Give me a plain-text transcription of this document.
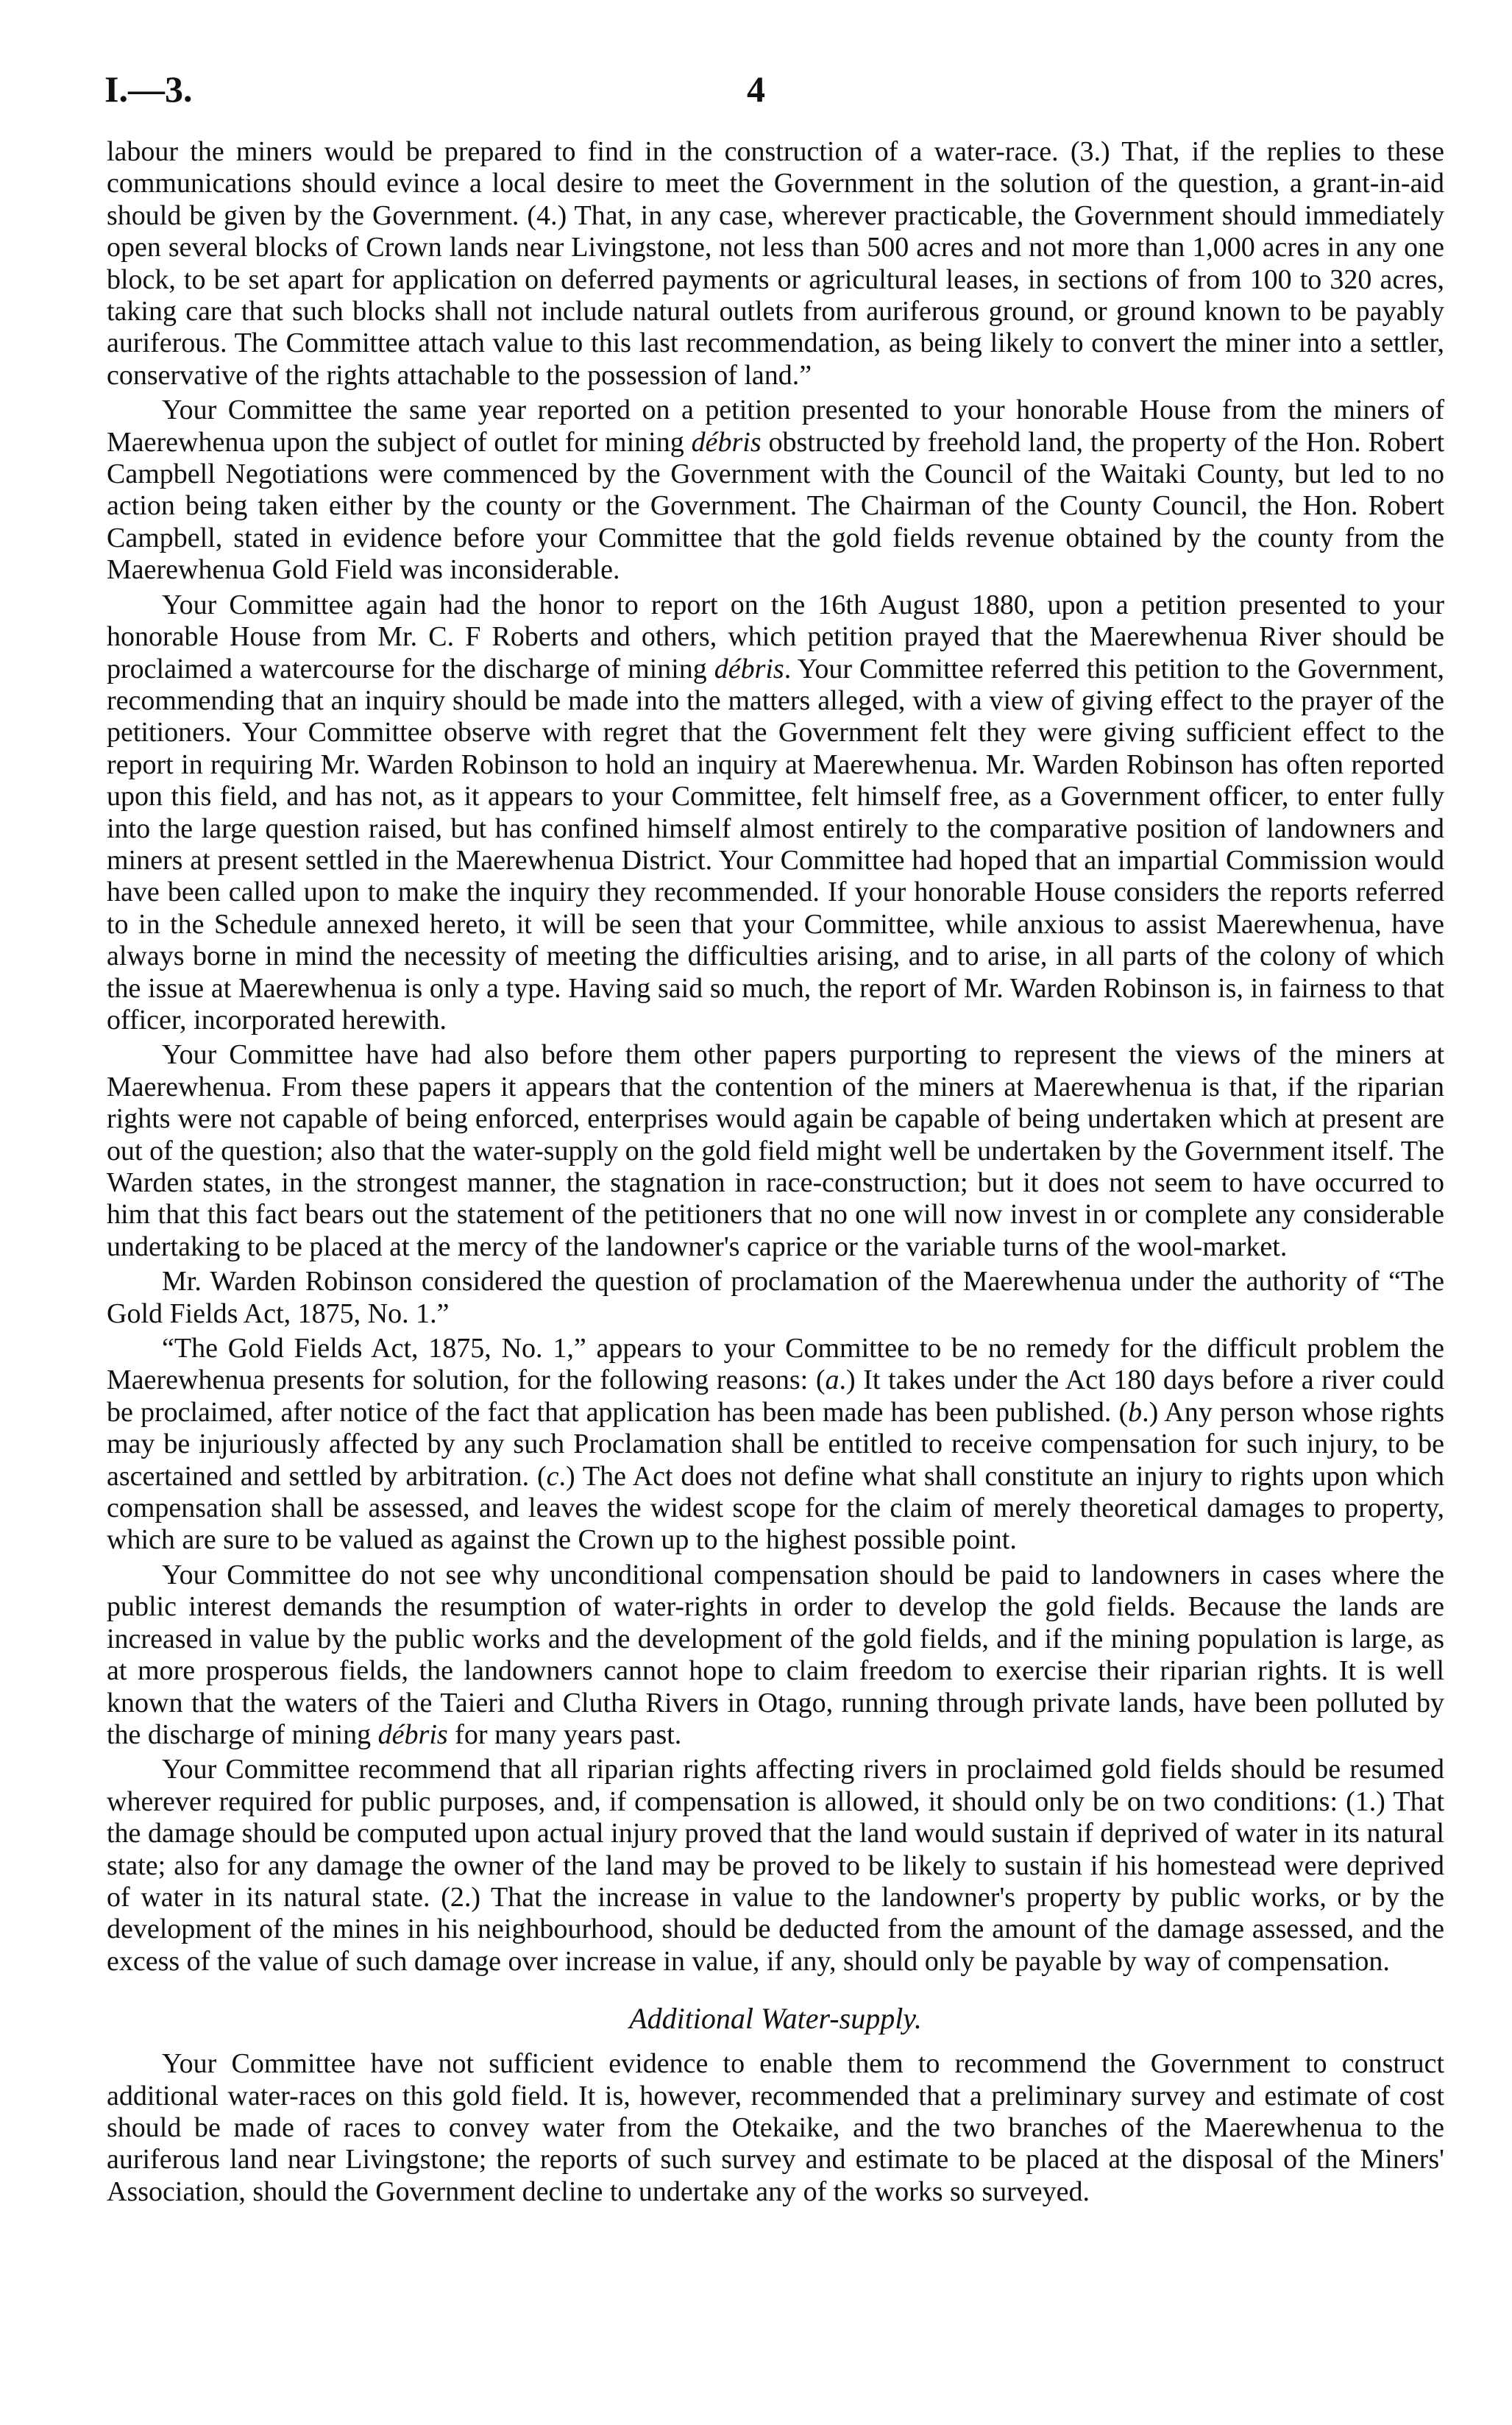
I.—3.	4

labour the miners would be prepared to find in the construction of a water-race. (3.) That, if the replies to these communications should evince a local desire to meet the Government in the solution of the question, a grant-in-aid should be given by the Government. (4.) That, in any case, wherever practicable, the Government should immediately open several blocks of Crown lands near Livingstone, not less than 500 acres and not more than 1,000 acres in any one block, to be set apart for application on deferred payments or agricultural leases, in sections of from 100 to 320 acres, taking care that such blocks shall not include natural outlets from auriferous ground, or ground known to be payably auriferous. The Committee attach value to this last recommendation, as being likely to convert the miner into a settler, conservative of the rights attachable to the possession of land.”

Your Committee the same year reported on a petition presented to your honorable House from the miners of Maerewhenua upon the subject of outlet for mining débris obstructed by freehold land, the property of the Hon. Robert Campbell Negotiations were commenced by the Government with the Council of the Waitaki County, but led to no action being taken either by the county or the Government. The Chairman of the County Council, the Hon. Robert Campbell, stated in evidence before your Committee that the gold fields revenue obtained by the county from the Maerewhenua Gold Field was inconsiderable.

Your Committee again had the honor to report on the 16th August 1880, upon a petition presented to your honorable House from Mr. C. F Roberts and others, which petition prayed that the Maerewhenua River should be proclaimed a watercourse for the discharge of mining débris. Your Committee referred this petition to the Government, recommending that an inquiry should be made into the matters alleged, with a view of giving effect to the prayer of the petitioners. Your Committee observe with regret that the Government felt they were giving sufficient effect to the report in requiring Mr. Warden Robinson to hold an inquiry at Maerewhenua. Mr. Warden Robinson has often reported upon this field, and has not, as it appears to your Committee, felt himself free, as a Government officer, to enter fully into the large question raised, but has confined himself almost entirely to the comparative position of landowners and miners at present settled in the Maerewhenua District. Your Committee had hoped that an impartial Commission would have been called upon to make the inquiry they recommended. If your honorable House considers the reports referred to in the Schedule annexed hereto, it will be seen that your Committee, while anxious to assist Maerewhenua, have always borne in mind the necessity of meeting the difficulties arising, and to arise, in all parts of the colony of which the issue at Maerewhenua is only a type. Having said so much, the report of Mr. Warden Robinson is, in fairness to that officer, incorporated herewith.

Your Committee have had also before them other papers purporting to represent the views of the miners at Maerewhenua. From these papers it appears that the contention of the miners at Maerewhenua is that, if the riparian rights were not capable of being enforced, enterprises would again be capable of being undertaken which at present are out of the question; also that the water-supply on the gold field might well be undertaken by the Government itself. The Warden states, in the strongest manner, the stagnation in race-construction; but it does not seem to have occurred to him that this fact bears out the statement of the petitioners that no one will now invest in or complete any considerable undertaking to be placed at the mercy of the landowner's caprice or the variable turns of the wool-market.

Mr. Warden Robinson considered the question of proclamation of the Maerewhenua under the authority of “The Gold Fields Act, 1875, No. 1.”

“The Gold Fields Act, 1875, No. 1,” appears to your Committee to be no remedy for the difficult problem the Maerewhenua presents for solution, for the following reasons: (a.) It takes under the Act 180 days before a river could be proclaimed, after notice of the fact that application has been made has been published. (b.) Any person whose rights may be injuriously affected by any such Proclamation shall be entitled to receive compensation for such injury, to be ascertained and settled by arbitration. (c.) The Act does not define what shall constitute an injury to rights upon which compensation shall be assessed, and leaves the widest scope for the claim of merely theoretical damages to property, which are sure to be valued as against the Crown up to the highest possible point.

Your Committee do not see why unconditional compensation should be paid to landowners in cases where the public interest demands the resumption of water-rights in order to develop the gold fields. Because the lands are increased in value by the public works and the development of the gold fields, and if the mining population is large, as at more prosperous fields, the landowners cannot hope to claim freedom to exercise their riparian rights. It is well known that the waters of the Taieri and Clutha Rivers in Otago, running through private lands, have been polluted by the discharge of mining débris for many years past.

Your Committee recommend that all riparian rights affecting rivers in proclaimed gold fields should be resumed wherever required for public purposes, and, if compensation is allowed, it should only be on two conditions: (1.) That the damage should be computed upon actual injury proved that the land would sustain if deprived of water in its natural state; also for any damage the owner of the land may be proved to be likely to sustain if his homestead were deprived of water in its natural state. (2.) That the increase in value to the landowner's property by public works, or by the development of the mines in his neighbourhood, should be deducted from the amount of the damage assessed, and the excess of the value of such damage over increase in value, if any, should only be payable by way of compensation.

Additional Water-supply.

Your Committee have not sufficient evidence to enable them to recommend the Government to construct additional water-races on this gold field. It is, however, recommended that a preliminary survey and estimate of cost should be made of races to convey water from the Otekaike, and the two branches of the Maerewhenua to the auriferous land near Livingstone; the reports of such survey and estimate to be placed at the disposal of the Miners' Association, should the Government decline to undertake any of the works so surveyed.
